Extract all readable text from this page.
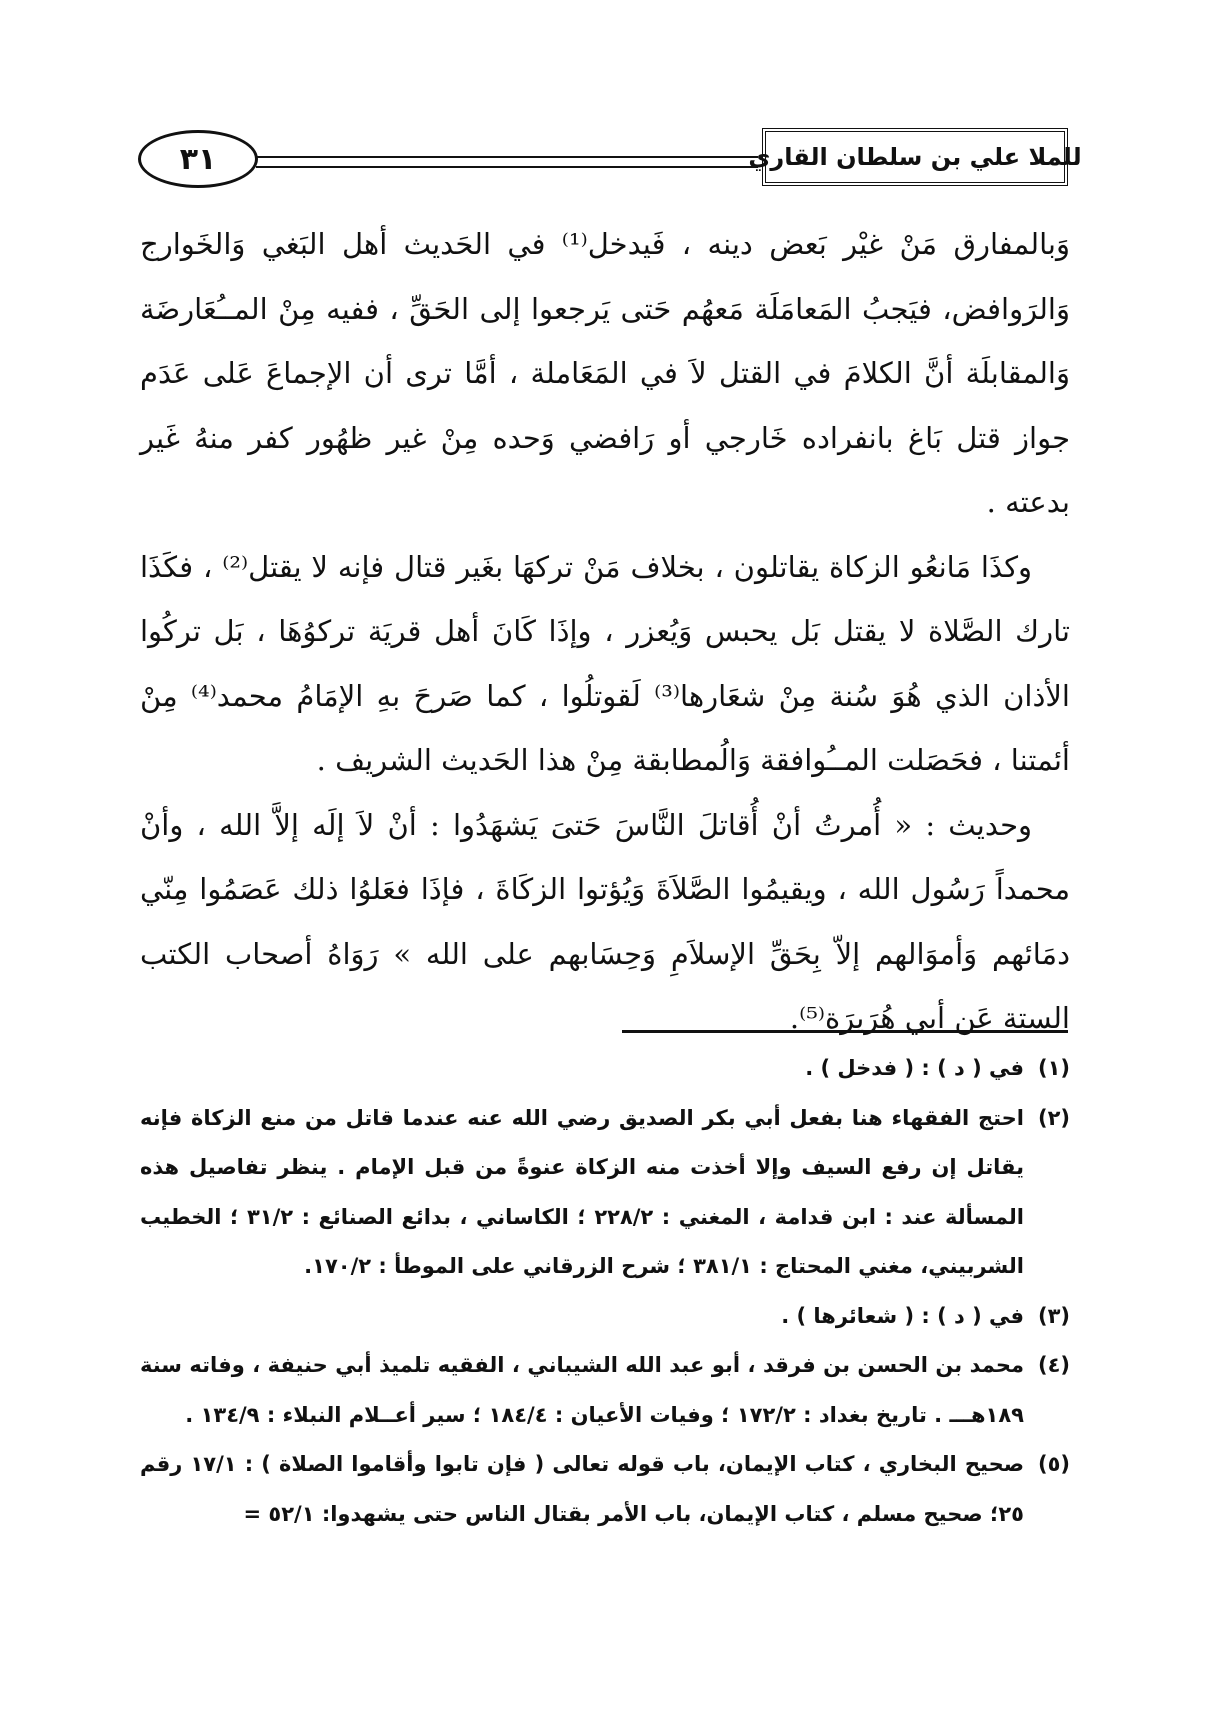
٣١	للملا علي بن سلطان القاري

وَبالمفارق مَنْ غيْر بَعض دينه ، فَيدخل⁽¹⁾ في الحَديث أهل البَغي وَالخَوارج وَالرَوافض، فيَجبُ المَعامَلَة مَعهُم حَتى يَرجعوا إلى الحَقِّ ، ففيه مِنْ المــُعَارضَة وَالمقابلَة أنَّ الكلامَ في القتل لاَ في المَعَاملة ، أمَّا ترى أن الإجماعَ عَلى عَدَم جواز قتل بَاغ بانفراده خَارجي أو رَافضي وَحده مِنْ غير ظهُور كفر منهُ غَير بدعته .

وكذَا مَانعُو الزكاة يقاتلون ، بخلاف مَنْ تركهَا بغَير قتال فإنه لا يقتل⁽²⁾ ، فكَذَا تارك الصَّلاة لا يقتل بَل يحبس وَيُعزر ، وإذَا كَانَ أهل قريَة تركوُهَا ، بَل تركُوا الأذان الذي هُوَ سُنة مِنْ شعَارها⁽³⁾ لَقوتلُوا ، كما صَرحَ بهِ الإمَامُ محمد⁽⁴⁾ مِنْ أئمتنا ، فحَصَلت المــُوافقة وَالُمطابقة مِنْ هذا الحَديث الشريف .

وحديث : « أُمرتُ أنْ أُقاتلَ النَّاسَ حَتىَ يَشهَدُوا : أنْ لاَ إلَه إلاَّ الله ، وأنْ محمداً رَسُول الله ، ويقيمُوا الصَّلاَةَ وَيُؤتوا الزكَاةَ ، فإذَا فعَلوُا ذلك عَصَمُوا مِنّي دمَائهم وَأموَالهم إلاّ بِحَقِّ الإسلاَمِ وَحِسَابهم على الله » رَوَاهُ أصحاب الكتب الستة عَن أبي هُرَيرَة⁽⁵⁾.

(١)
في ( د ) : ( فدخل ) .
(٢)
احتج الفقهاء هنا بفعل أبي بكر الصديق رضي الله عنه عندما قاتل من منع الزكاة فإنه يقاتل إن رفع السيف وإلا أخذت منه الزكاة عنوةً من قبل الإمام . ينظر تفاصيل هذه المسألة عند : ابن قدامة ، المغني : ٢٢٨/٢ ؛ الكاساني ، بدائع الصنائع : ٣١/٢ ؛ الخطيب الشربيني، مغني المحتاج : ٣٨١/١ ؛ شرح الزرقاني على الموطأ : ١٧٠/٢.
(٣)
في ( د ) : ( شعائرها ) .
(٤)
محمد بن الحسن بن فرقد ، أبو عبد الله الشيباني ، الفقيه تلميذ أبي حنيفة ، وفاته سنة ١٨٩هـــ . تاريخ بغداد : ١٧٢/٢ ؛ وفيات الأعيان : ١٨٤/٤ ؛ سير أعــلام النبلاء : ١٣٤/٩ .
(٥)
صحيح البخاري ، كتاب الإيمان، باب قوله تعالى ( فإن تابوا وأقاموا الصلاة ) : ١٧/١ رقم ٢٥؛ صحيح مسلم ، كتاب الإيمان، باب الأمر بقتال الناس حتى يشهدوا: ٥٢/١ =
